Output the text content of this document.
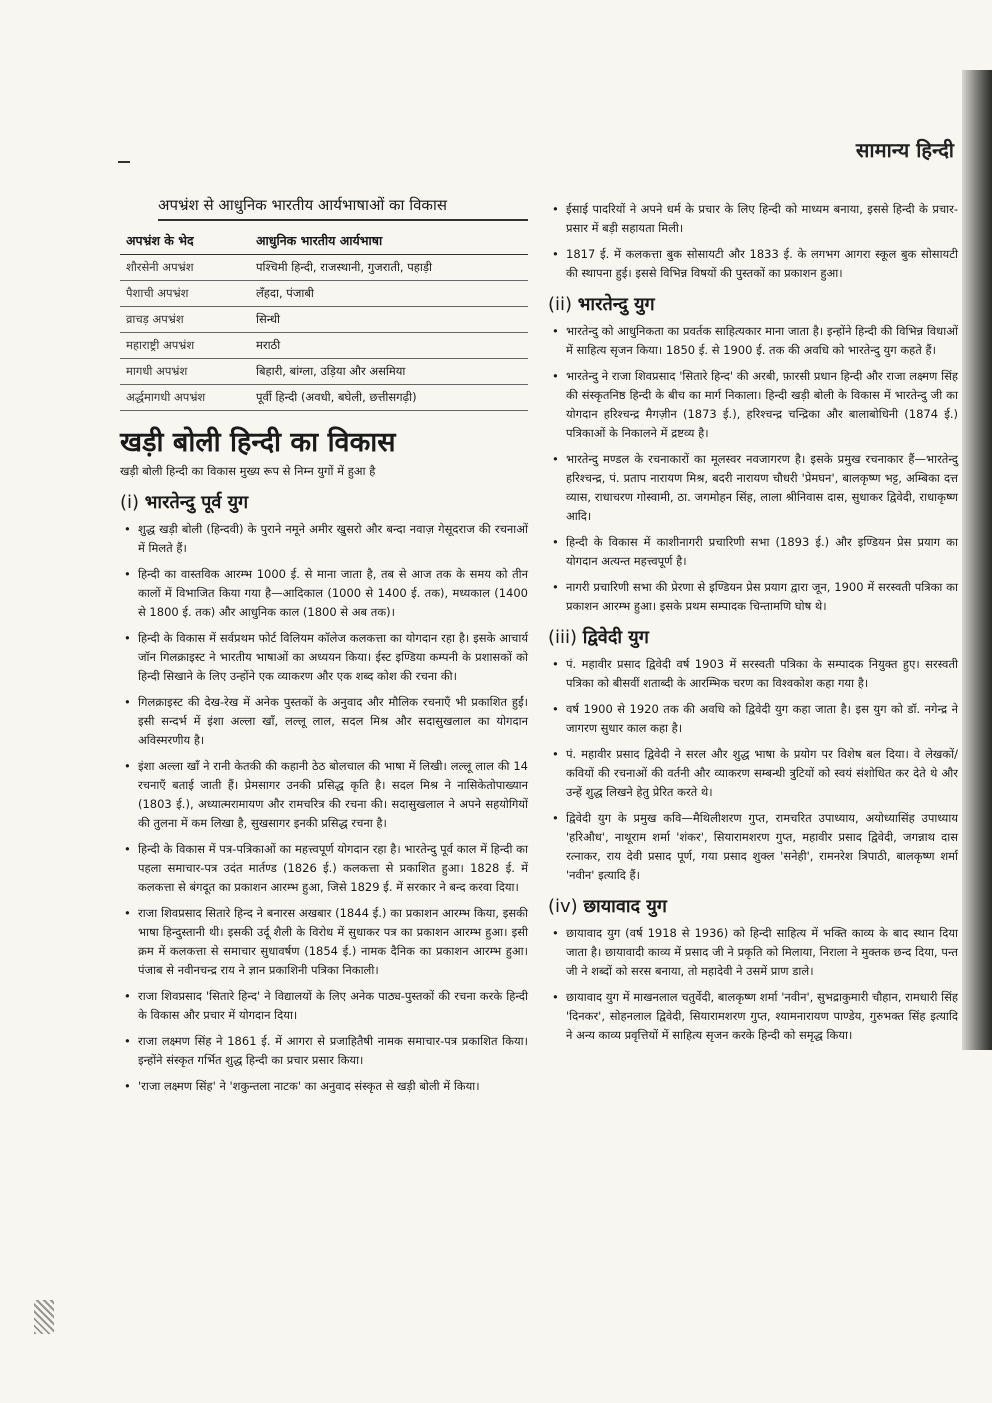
सामान्य हिन्दी
अपभ्रंश से आधुनिक भारतीय आर्यभाषाओं का विकास
अपभ्रंश के भेद	आधुनिक भारतीय आर्यभाषा
शौरसेनी अपभ्रंश	पश्चिमी हिन्दी, राजस्थानी, गुजराती, पहाड़ी
पैशाची अपभ्रंश	लँहदा, पंजाबी
व्राचड़ अपभ्रंश	सिन्धी
महाराष्ट्री अपभ्रंश	मराठी
मागधी अपभ्रंश	बिहारी, बांग्ला, उड़िया और असमिया
अर्द्धमागधी अपभ्रंश	पूर्वी हिन्दी (अवधी, बघेली, छत्तीसगढ़ी)
खड़ी बोली हिन्दी का विकास

खड़ी बोली हिन्दी का विकास मुख्य रूप से निम्न युगों में हुआ है

(i) भारतेन्दु पूर्व युग
• शुद्ध खड़ी बोली (हिन्दवी) के पुराने नमूने अमीर खुसरो और बन्दा नवाज़ गेसूदराज की रचनाओं में मिलते हैं।
• हिन्दी का वास्तविक आरम्भ 1000 ई. से माना जाता है, तब से आज तक के समय को तीन कालों में विभाजित किया गया है—आदिकाल (1000 से 1400 ई. तक), मध्यकाल (1400 से 1800 ई. तक) और आधुनिक काल (1800 से अब तक)।
• हिन्दी के विकास में सर्वप्रथम फोर्ट विलियम कॉलेज कलकत्ता का योगदान रहा है। इसके आचार्य जॉन गिलक्राइस्ट ने भारतीय भाषाओं का अध्ययन किया। ईस्ट इण्डिया कम्पनी के प्रशासकों को हिन्दी सिखाने के लिए उन्होंने एक व्याकरण और एक शब्द कोश की रचना की।
• गिलक्राइस्ट की देख-रेख में अनेक पुस्तकों के अनुवाद और मौलिक रचनाएँ भी प्रकाशित हुईं। इसी सन्दर्भ में इंशा अल्ला खाँ, लल्लू लाल, सदल मिश्र और सदासुखलाल का योगदान अविस्मरणीय है।
• इंशा अल्ला खाँ ने रानी केतकी की कहानी ठेठ बोलचाल की भाषा में लिखी। लल्लू लाल की 14 रचनाएँ बताई जाती हैं। प्रेमसागर उनकी प्रसिद्ध कृति है। सदल मिश्र ने नासिकेतोपाख्यान (1803 ई.), अध्यात्मरामायण और रामचरित्र की रचना की। सदासुखलाल ने अपने सहयोगियों की तुलना में कम लिखा है, सुखसागर इनकी प्रसिद्ध रचना है।
• हिन्दी के विकास में पत्र-पत्रिकाओं का महत्त्वपूर्ण योगदान रहा है। भारतेन्दु पूर्व काल में हिन्दी का पहला समाचार-पत्र उदंत मार्तण्ड (1826 ई.) कलकत्ता से प्रकाशित हुआ। 1828 ई. में कलकत्ता से बंगदूत का प्रकाशन आरम्भ हुआ, जिसे 1829 ई. में सरकार ने बन्द करवा दिया।
• राजा शिवप्रसाद सितारे हिन्द ने बनारस अखबार (1844 ई.) का प्रकाशन आरम्भ किया, इसकी भाषा हिन्दुस्तानी थी। इसकी उर्दू शैली के विरोध में सुधाकर पत्र का प्रकाशन आरम्भ हुआ। इसी क्रम में कलकत्ता से समाचार सुधावर्षण (1854 ई.) नामक दैनिक का प्रकाशन आरम्भ हुआ। पंजाब से नवीनचन्द्र राय ने ज्ञान प्रकाशिनी पत्रिका निकाली।
• राजा शिवप्रसाद 'सितारे हिन्द' ने विद्यालयों के लिए अनेक पाठ्य-पुस्तकों की रचना करके हिन्दी के विकास और प्रचार में योगदान दिया।
• राजा लक्ष्मण सिंह ने 1861 ई. में आगरा से प्रजाहितैषी नामक समाचार-पत्र प्रकाशित किया। इन्होंने संस्कृत गर्भित शुद्ध हिन्दी का प्रचार प्रसार किया।
• 'राजा लक्ष्मण सिंह' ने 'शकुन्तला नाटक' का अनुवाद संस्कृत से खड़ी बोली में किया।
• ईसाई पादरियों ने अपने धर्म के प्रचार के लिए हिन्दी को माध्यम बनाया, इससे हिन्दी के प्रचार-प्रसार में बड़ी सहायता मिली।
• 1817 ई. में कलकत्ता बुक सोसायटी और 1833 ई. के लगभग आगरा स्कूल बुक सोसायटी की स्थापना हुई। इससे विभिन्न विषयों की पुस्तकों का प्रकाशन हुआ।
(ii) भारतेन्दु युग
• भारतेन्दु को आधुनिकता का प्रवर्तक साहित्यकार माना जाता है। इन्होंने हिन्दी की विभिन्न विधाओं में साहित्य सृजन किया। 1850 ई. से 1900 ई. तक की अवधि को भारतेन्दु युग कहते हैं।
• भारतेन्दु ने राजा शिवप्रसाद 'सितारे हिन्द' की अरबी, फ़ारसी प्रधान हिन्दी और राजा लक्ष्मण सिंह की संस्कृतनिष्ठ हिन्दी के बीच का मार्ग निकाला। हिन्दी खड़ी बोली के विकास में भारतेन्दु जी का योगदान हरिश्चन्द्र मैगज़ीन (1873 ई.), हरिश्चन्द्र चन्द्रिका और बालाबोधिनी (1874 ई.) पत्रिकाओं के निकालने में द्रष्टव्य है।
• भारतेन्दु मण्डल के रचनाकारों का मूलस्वर नवजागरण है। इसके प्रमुख रचनाकार हैं—भारतेन्दु हरिश्चन्द्र, पं. प्रताप नारायण मिश्र, बदरी नारायण चौधरी 'प्रेमघन', बालकृष्ण भट्ट, अम्बिका दत्त व्यास, राधाचरण गोस्वामी, ठा. जगमोहन सिंह, लाला श्रीनिवास दास, सुधाकर द्विवेदी, राधाकृष्ण आदि।
• हिन्दी के विकास में काशीनागरी प्रचारिणी सभा (1893 ई.) और इण्डियन प्रेस प्रयाग का योगदान अत्यन्त महत्त्वपूर्ण है।
• नागरी प्रचारिणी सभा की प्रेरणा से इण्डियन प्रेस प्रयाग द्वारा जून, 1900 में सरस्वती पत्रिका का प्रकाशन आरम्भ हुआ। इसके प्रथम सम्पादक चिन्तामणि घोष थे।
(iii) द्विवेदी युग
• पं. महावीर प्रसाद द्विवेदी वर्ष 1903 में सरस्वती पत्रिका के सम्पादक नियुक्त हुए। सरस्वती पत्रिका को बीसवीं शताब्दी के आरम्भिक चरण का विश्वकोश कहा गया है।
• वर्ष 1900 से 1920 तक की अवधि को द्विवेदी युग कहा जाता है। इस युग को डॉ. नगेन्द्र ने जागरण सुधार काल कहा है।
• पं. महावीर प्रसाद द्विवेदी ने सरल और शुद्ध भाषा के प्रयोग पर विशेष बल दिया। वे लेखकों/कवियों की रचनाओं की वर्तनी और व्याकरण सम्बन्धी त्रुटियों को स्वयं संशोधित कर देते थे और उन्हें शुद्ध लिखने हेतु प्रेरित करते थे।
• द्विवेदी युग के प्रमुख कवि—मैथिलीशरण गुप्त, रामचरित उपाध्याय, अयोध्यासिंह उपाध्याय 'हरिऔध', नाथूराम शर्मा 'शंकर', सियारामशरण गुप्त, महावीर प्रसाद द्विवेदी, जगन्नाथ दास रत्नाकर, राय देवी प्रसाद पूर्ण, गया प्रसाद शुक्ल 'सनेही', रामनरेश त्रिपाठी, बालकृष्ण शर्मा 'नवीन' इत्यादि हैं।
(iv) छायावाद युग
• छायावाद युग (वर्ष 1918 से 1936) को हिन्दी साहित्य में भक्ति काव्य के बाद स्थान दिया जाता है। छायावादी काव्य में प्रसाद जी ने प्रकृति को मिलाया, निराला ने मुक्तक छन्द दिया, पन्त जी ने शब्दों को सरस बनाया, तो महादेवी ने उसमें प्राण डाले।
• छायावाद युग में माखनलाल चतुर्वेदी, बालकृष्ण शर्मा 'नवीन', सुभद्राकुमारी चौहान, रामधारी सिंह 'दिनकर', सोहनलाल द्विवेदी, सियारामशरण गुप्त, श्यामनारायण पाण्डेय, गुरुभक्त सिंह इत्यादि ने अन्य काव्य प्रवृत्तियों में साहित्य सृजन करके हिन्दी को समृद्ध किया।
